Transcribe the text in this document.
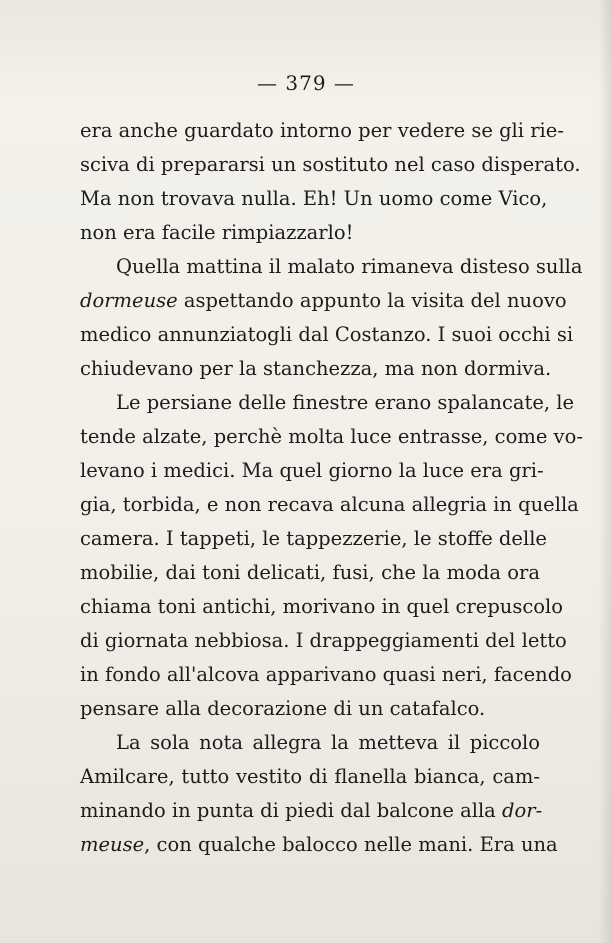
— 379 —
era anche guardato intorno per vedere se gli rie-
sciva di prepararsi un sostituto nel caso disperato.
Ma non trovava nulla. Eh! Un uomo come Vico,
non era facile rimpiazzarlo!
Quella mattina il malato rimaneva disteso sulla
dormeuse aspettando appunto la visita del nuovo
medico annunziatogli dal Costanzo. I suoi occhi si
chiudevano per la stanchezza, ma non dormiva.
Le persiane delle finestre erano spalancate, le
tende alzate, perchè molta luce entrasse, come vo-
levano i medici. Ma quel giorno la luce era gri-
gia, torbida, e non recava alcuna allegria in quella
camera. I tappeti, le tappezzerie, le stoffe delle
mobilie, dai toni delicati, fusi, che la moda ora
chiama toni antichi, morivano in quel crepuscolo
di giornata nebbiosa. I drappeggiamenti del letto
in fondo all'alcova apparivano quasi neri, facendo
pensare alla decorazione di un catafalco.
La sola nota allegra la metteva il piccolo
Amilcare, tutto vestito di flanella bianca, cam-
minando in punta di piedi dal balcone alla dor-
meuse, con qualche balocco nelle mani. Era una
